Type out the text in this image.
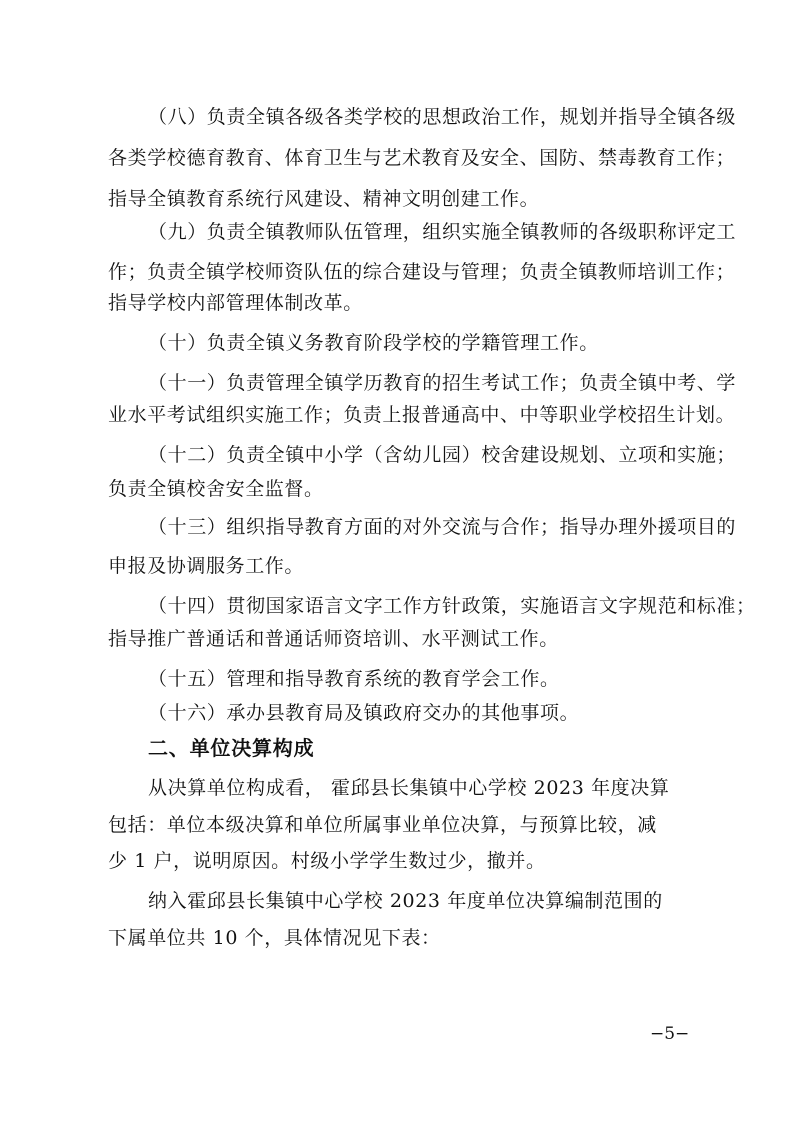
（八）负责全镇各级各类学校的思想政治工作，规划并指导全镇各级
各类学校德育教育、体育卫生与艺术教育及安全、国防、禁毒教育工作；
指导全镇教育系统行风建设、精神文明创建工作。
（九）负责全镇教师队伍管理，组织实施全镇教师的各级职称评定工
作；负责全镇学校师资队伍的综合建设与管理；负责全镇教师培训工作；
指导学校内部管理体制改革。
（十）负责全镇义务教育阶段学校的学籍管理工作。
（十一）负责管理全镇学历教育的招生考试工作；负责全镇中考、学
业水平考试组织实施工作；负责上报普通高中、中等职业学校招生计划。
（十二）负责全镇中小学（含幼儿园）校舍建设规划、立项和实施；
负责全镇校舍安全监督。
（十三）组织指导教育方面的对外交流与合作；指导办理外援项目的
申报及协调服务工作。
（十四）贯彻国家语言文字工作方针政策，实施语言文字规范和标准；
指导推广普通话和普通话师资培训、水平测试工作。
（十五）管理和指导教育系统的教育学会工作。
（十六）承办县教育局及镇政府交办的其他事项。
二、单位决算构成
从决算单位构成看， 霍邱县长集镇中心学校 2023 年度决算
包括：单位本级决算和单位所属事业单位决算，与预算比较，减
少 1 户，说明原因。村级小学学生数过少，撤并。
纳入霍邱县长集镇中心学校 2023 年度单位决算编制范围的
下属单位共 10 个，具体情况见下表：
−5−
